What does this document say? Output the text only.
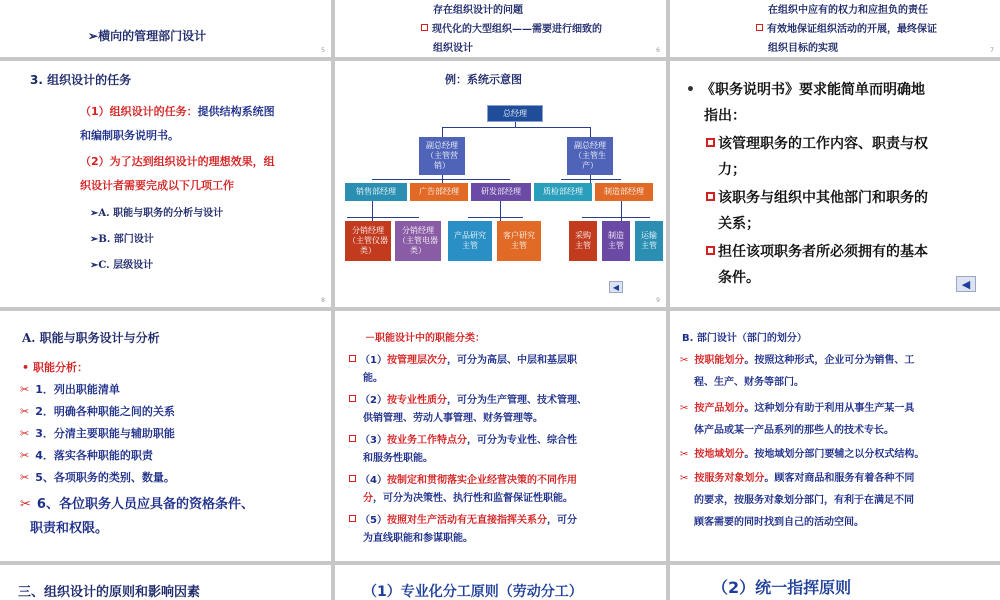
➢横向的管理部门设计
5
存在组织设计的问题
现代化的大型组织——需要进行细致的
组织设计	6
在组织中应有的权力和应担负的责任
有效地保证组织活动的开展，最终保证
组织目标的实现	7
3. 组织设计的任务
（1）组织设计的任务：提供结构系统图
和编制职务说明书。
（2）为了达到组织设计的理想效果，组
织设计者需要完成以下几项工作
➢A. 职能与职务的分析与设计
➢B. 部门设计
➢C. 层级设计
8
例：系统示意图
总经理
副总经理（主管营销）
副总经理（主管生产）
销售部经理	广告部经理	研发部经理	质检部经理	制造部经理
分销经理（主管仪器类）
分销经理（主管电器类）
产品研究主管
客户研究主管
采购主管
制造主管
运输主管
◀
9
• 《职务说明书》要求能简单而明确地
指出：
该管理职务的工作内容、职责与权
力；
该职务与组织中其他部门和职务的
关系；
担任该项职务者所必须拥有的基本
条件。	◀
A. 职能与职务设计与分析
• 职能分析：
✂ 1．列出职能清单
✂ 2．明确各种职能之间的关系
✂ 3．分清主要职能与辅助职能
✂ 4．落实各种职能的职责
✂ 5、各项职务的类别、数量。
✂ 6、各位职务人员应具备的资格条件、
职责和权限。
－职能设计中的职能分类：
（1）按管理层次分，可分为高层、中层和基层职
能。
（2）按专业性质分，可分为生产管理、技术管理、
供销管理、劳动人事管理、财务管理等。
（3）按业务工作特点分，可分为专业性、综合性
和服务性职能。
（4）按制定和贯彻落实企业经营决策的不同作用
分，可分为决策性、执行性和监督保证性职能。
（5）按照对生产活动有无直接指挥关系分，可分
为直线职能和参谋职能。
B. 部门设计（部门的划分）
✂ 按职能划分。按照这种形式，企业可分为销售、工
程、生产、财务等部门。
✂ 按产品划分。这种划分有助于利用从事生产某一具
体产品或某一产品系列的那些人的技术专长。
✂ 按地域划分。按地域划分部门要辅之以分权式结构。
✂ 按服务对象划分。顾客对商品和服务有着各种不同
的要求，按服务对象划分部门，有利于在满足不同
顾客需要的同时找到自己的活动空间。
三、组织设计的原则和影响因素	（1）专业化分工原则（劳动分工）	（2）统一指挥原则
